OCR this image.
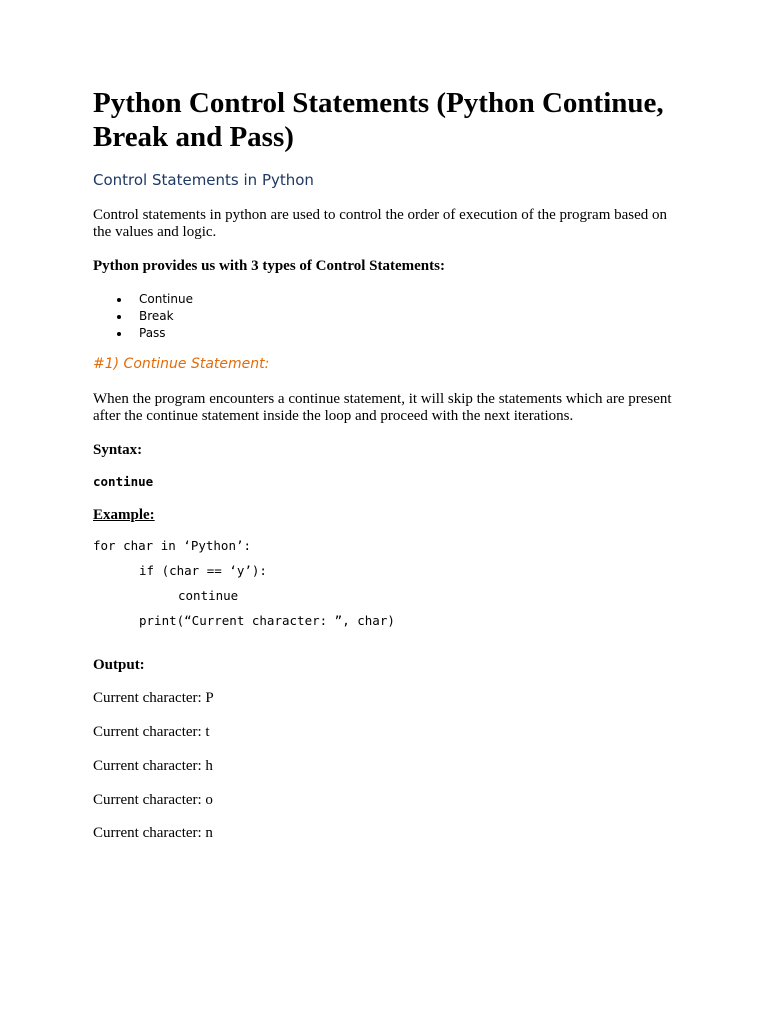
Python Control Statements (Python Continue, Break and Pass)
Control Statements in Python

Control statements in python are used to control the order of execution of the program based on the values and logic.

Python provides us with 3 types of Control Statements:

Continue
Break
Pass
#1) Continue Statement:

When the program encounters a continue statement, it will skip the statements which are present after the continue statement inside the loop and proceed with the next iterations.

Syntax:
continue
Example:
for char in ‘Python’:
if (char == ‘y’):
continue
print(“Current character: ”, char)
Output:
Current character: P
Current character: t
Current character: h
Current character: o
Current character: n
